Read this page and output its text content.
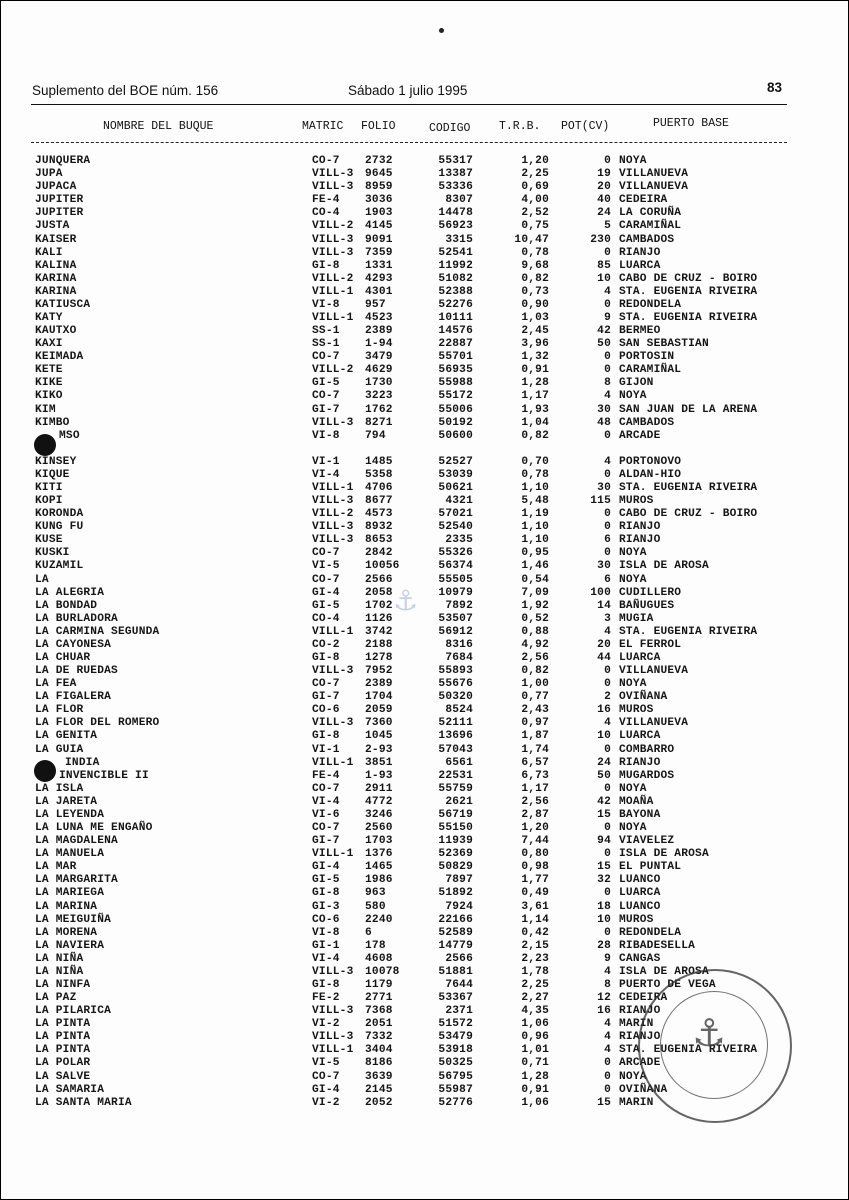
Suplemento del BOE núm. 156	Sábado 1 julio 1995	83
NOMBRE DEL BUQUE	MATRIC FOLIO	CODIGO T.R.B. POT(CV)	PUERTO BASE
JUNQUERA	CO-7 2732	55317	1,20	0 NOYA
JUPA	VILL-3 9645	13387	2,25	19 VILLANUEVA
JUPACA	VILL-3 8959	53336	0,69	20 VILLANUEVA
JUPITER	FE-4 3036	8307	4,00	40 CEDEIRA
JUPITER	CO-4 1903	14478	2,52	24 LA CORUÑA
JUSTA	VILL-2 4145	56923	0,75	5 CARAMIÑAL
KAISER	VILL-3 9091	3315	10,47	230 CAMBADOS
KALI	VILL-3 7359	52541	0,78	0 RIANJO
KALINA	GI-8 1331	11992	9,68	85 LUARCA
KARINA	VILL-2 4293	51082	0,82	10 CABO DE CRUZ - BOIRO
KARINA	VILL-1 4301	52388	0,73	4 STA. EUGENIA RIVEIRA
KATIUSCA	VI-8 957	52276	0,90	0 REDONDELA
KATY	VILL-1 4523	10111	1,03	9 STA. EUGENIA RIVEIRA
KAUTXO	SS-1 2389	14576	2,45	42 BERMEO
KAXI	SS-1 1-94	22887	3,96	50 SAN SEBASTIAN
KEIMADA	CO-7 3479	55701	1,32	0 PORTOSIN
KETE	VILL-2 4629	56935	0,91	0 CARAMIÑAL
KIKE	GI-5 1730	55988	1,28	8 GIJON
KIKO	CO-7 3223	55172	1,17	4 NOYA
KIM	GI-7 1762	55006	1,93	30 SAN JUAN DE LA ARENA
KIMBO	VILL-3 8271	50192	1,04	48 CAMBADOS
MSO	VI-8 794	50600	0,82	0 ARCADE
KINSEY	VI-1 1485	52527	0,70	4 PORTONOVO
KIQUE	VI-4 5358	53039	0,78	0 ALDAN-HIO
KITI	VILL-1 4706	50621	1,10	30 STA. EUGENIA RIVEIRA
KOPI	VILL-3 8677	4321	5,48	115 MUROS
KORONDA	VILL-2 4573	57021	1,19	0 CABO DE CRUZ - BOIRO
KUNG FU	VILL-3 8932	52540	1,10	0 RIANJO
KUSE	VILL-3 8653	2335	1,10	6 RIANJO
KUSKI	CO-7 2842	55326	0,95	0 NOYA
KUZAMIL	VI-5 10056	56374	1,46	30 ISLA DE AROSA
LA	CO-7 2566	55505	0,54	6 NOYA
LA ALEGRIA	GI-4 2058	10979	7,09	100 CUDILLERO
LA BONDAD	GI-5 1702	7892	1,92	14 BAÑUGUES
LA BURLADORA	CO-4 1126	53507	0,52	3 MUGIA
LA CARMINA SEGUNDA	VILL-1 3742	56912	0,88	4 STA. EUGENIA RIVEIRA
LA CAYONESA	CO-2 2188	8316	4,92	20 EL FERROL
LA CHUAR	GI-8 1278	7684	2,56	44 LUARCA
LA DE RUEDAS	VILL-3 7952	55893	0,82	0 VILLANUEVA
LA FEA	CO-7 2389	55676	1,00	0 NOYA
LA FIGALERA	GI-7 1704	50320	0,77	2 OVIÑANA
LA FLOR	CO-6 2059	8524	2,43	16 MUROS
LA FLOR DEL ROMERO	VILL-3 7360	52111	0,97	4 VILLANUEVA
LA GENITA	GI-8 1045	13696	1,87	10 LUARCA
LA GUIA	VI-1 2-93	57043	1,74	0 COMBARRO
INDIA	VILL-1 3851	6561	6,57	24 RIANJO
INVENCIBLE II	FE-4 1-93	22531	6,73	50 MUGARDOS
LA ISLA	CO-7 2911	55759	1,17	0 NOYA
LA JARETA	VI-4 4772	2621	2,56	42 MOAÑA
LA LEYENDA	VI-6 3246	56719	2,87	15 BAYONA
LA LUNA ME ENGAÑO	CO-7 2560	55150	1,20	0 NOYA
LA MAGDALENA	GI-7 1703	11939	7,44	94 VIAVELEZ
LA MANUELA	VILL-1 1376	52369	0,80	0 ISLA DE AROSA
LA MAR	GI-4 1465	50829	0,98	15 EL PUNTAL
LA MARGARITA	GI-5 1986	7897	1,77	32 LUANCO
LA MARIEGA	GI-8 963	51892	0,49	0 LUARCA
LA MARINA	GI-3 580	7924	3,61	18 LUANCO
LA MEIGUIÑA	CO-6 2240	22166	1,14	10 MUROS
LA MORENA	VI-8 6	52589	0,42	0 REDONDELA
LA NAVIERA	GI-1 178	14779	2,15	28 RIBADESELLA
LA NIÑA	VI-4 4608	2566	2,23	9 CANGAS
LA NIÑA	VILL-3 10078	51881	1,78	4 ISLA DE AROSA
LA NINFA	GI-8 1179	7644	2,25	8 PUERTO DE VEGA
LA PAZ	FE-2 2771	53367	2,27	12 CEDEIRA
LA PILARICA	VILL-3 7368	2371	4,35	16 RIANJO
LA PINTA	VI-2 2051	51572	1,06	4 MARIN
LA PINTA	VILL-3 7332	53479	0,96	4 RIANJO
LA PINTA	VILL-1 3404	53918	1,01	4 STA. EUGENIA RIVEIRA
LA POLAR	VI-5 8186	50325	0,71	0 ARCADE
LA SALVE	CO-7 3639	56795	1,28	0 NOYA
LA SAMARIA	GI-4 2145	55987	0,91	0 OVIÑANA
LA SANTA MARIA	VI-2 2052	52776	1,06	15 MARIN
⚓
⚓
